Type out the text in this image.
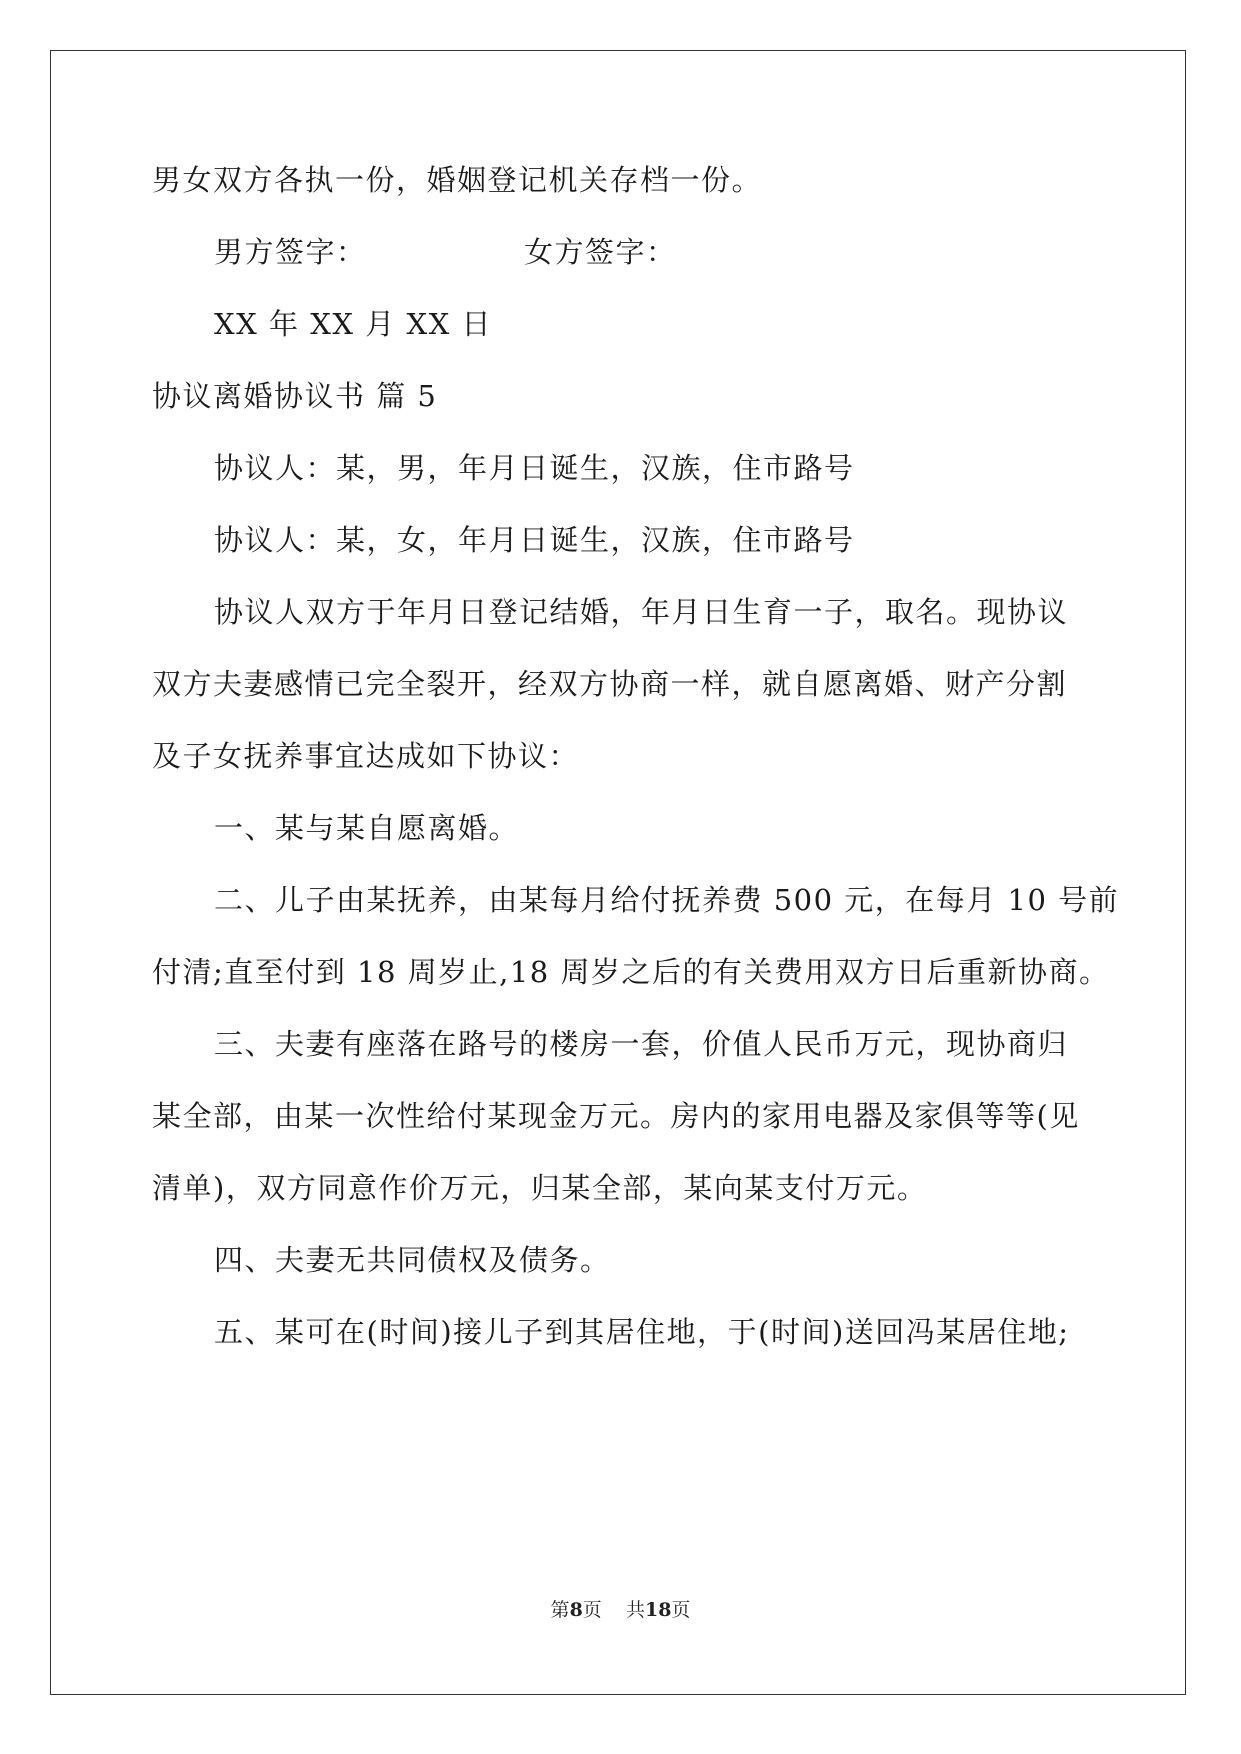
男女双方各执一份，婚姻登记机关存档一份。
男方签字：	女方签字：
XX 年 XX 月 XX 日
协议离婚协议书 篇 5
协议人：某，男，年月日诞生，汉族，住市路号
协议人：某，女，年月日诞生，汉族，住市路号
协议人双方于年月日登记结婚，年月日生育一子，取名。现协议
双方夫妻感情已完全裂开，经双方协商一样，就自愿离婚、财产分割
及子女抚养事宜达成如下协议：
一、某与某自愿离婚。
二、儿子由某抚养，由某每月给付抚养费 500 元，在每月 10 号前
付清;直至付到 18 周岁止,18 周岁之后的有关费用双方日后重新协商。
三、夫妻有座落在路号的楼房一套，价值人民币万元，现协商归
某全部，由某一次性给付某现金万元。房内的家用电器及家俱等等(见
清单)，双方同意作价万元，归某全部，某向某支付万元。
四、夫妻无共同债权及债务。
五、某可在(时间)接儿子到其居住地，于(时间)送回冯某居住地;
第8页    共18页
